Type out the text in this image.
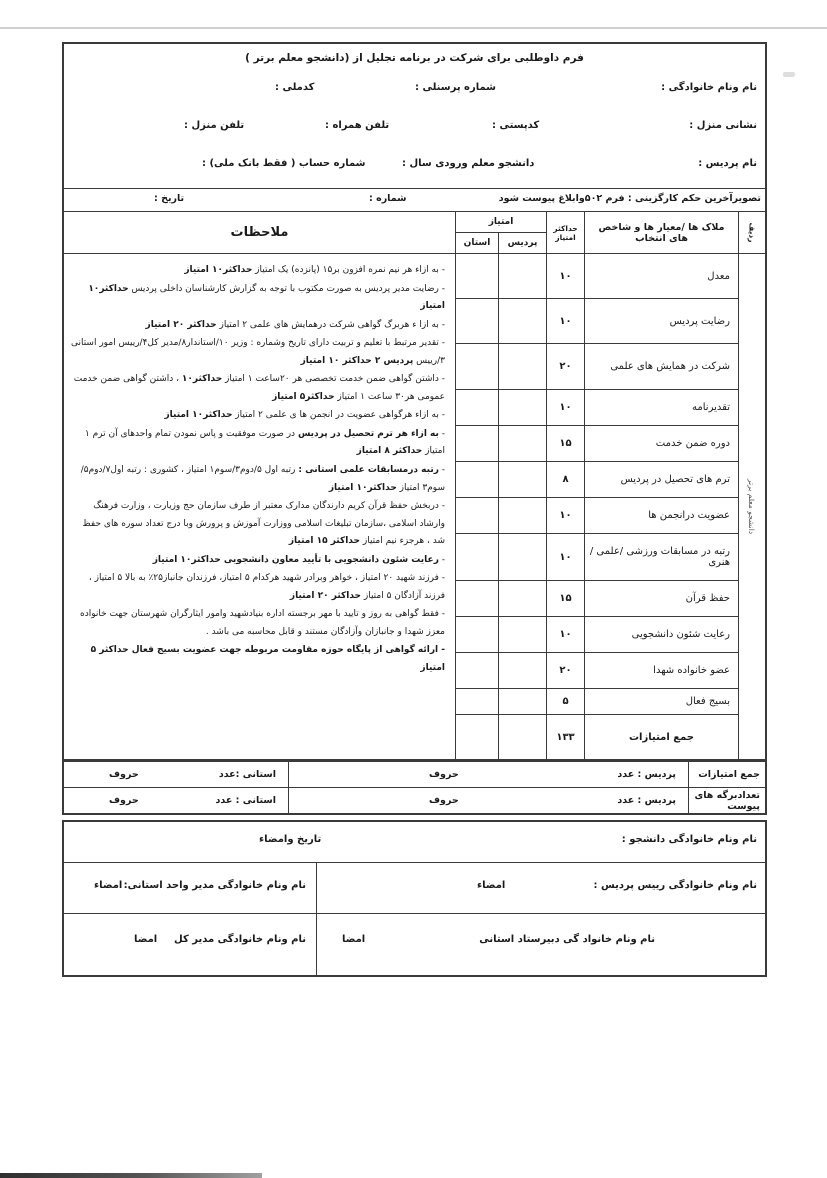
فرم داوطلبی برای شرکت در برنامه تجلیل از (دانشجو معلم برتر )
نام ونام خانوادگی :
شماره پرسنلی :
کدملی :
نشانی منزل :
کدپستی :
تلفن همراه :
تلفن منزل :
نام پردیس :
دانشجو معلم ورودی سال :
شماره حساب ( فقط بانک ملی) :
تصویرآخرین حکم کارگزینی : فرم ۵۰۲وابلاغ پیوست شود
شماره :
تاریخ :
ردیف
ملاک ها /معیار ها و شاخص های انتخاب
حداکثر امتیاز
امتیاز
پردیس
استان
ملاحظات
دانشجو معلم برتر
معدل
۱۰
رضایت پردیس
۱۰
شرکت در همایش های علمی
۲۰
تقدیرنامه
۱۰
دوره ضمن خدمت
۱۵
ترم های تحصیل در پردیس
۸
عضویت درانجمن ها
۱۰
رتبه در مسابقات ورزشی /علمی /هنری
۱۰
حفظ قرآن
۱۵
رعایت شئون دانشجویی
۱۰
عضو خانواده شهدا
۲۰
بسیج فعال
۵
جمع امتیازات
۱۳۳

- به ازاء هر نیم نمره افزون بر۱۵ (پانزده) یک امتیاز حداکثر۱۰ امتیاز

- رضایت مدیر پردیس به صورت مکتوب با توجه به گزارش کارشناسان داخلی پردیس حداکثر۱۰ امتیاز

- به ازا ء هربرگ گواهی شرکت درهمایش های علمی ۲ امتیاز حداکثر ۲۰ امتیاز

- تقدیر مرتبط با تعلیم و تربیت دارای تاریخ وشماره : وزیر ۱۰/استاندار۸/مدیر کل۴/رییس امور استانی ۳/رییس پردیس ۲ حداکثر ۱۰ امتیاز

- داشتن گواهی ضمن خدمت تخصصی هر ۲۰ساعت ۱ امتیاز حداکثر۱۰ ، داشتن گواهی ضمن خدمت عمومی هر۳۰ ساعت ۱ امتیاز حداکثر۵ امتیاز

- به ازاء هرگواهی عضویت در انجمن ها ی علمی ۲ امتیاز حداکثر۱۰ امتیاز

- به ازاء هر ترم تحصیل در پردیس در صورت موفقیت و پاس نمودن تمام واحدهای آن ترم ۱ امتیاز حداکثر ۸ امتیاز

- رتبه درمسابقات علمی استانی : رتبه اول ۵/دوم۳/سوم۱ امتیاز ، کشوری : رتبه اول۷/دوم۵/سوم۳ امتیاز حداکثر۱۰ امتیاز

- دربخش حفظ قرآن کریم دارندگان مدارک معتبر از طرف سازمان حج وزیارت ، وزارت فرهنگ وارشاد اسلامی ،سازمان تبلیغات اسلامی ووزارت آموزش و پرورش وبا درج تعداد سوره های حفظ شد ، هرجزء نیم امتیاز حداکثر ۱۵ امتیاز

- رعایت شئون دانشجویی با تأیید معاون دانشجویی حداکثر۱۰ امتیاز

- فرزند شهید ۲۰ امتیاز ، خواهر وبرادر شهید هرکدام ۵ امتیاز، فرزندان جانباز۲۵٪ به بالا ۵ امتیاز ، فرزند آزادگان ۵ امتیاز حداکثر ۲۰ امتیاز

- فقط گواهی به روز و تایید با مهر برجسته اداره بنیادشهید وامور ایثارگران شهرستان جهت خانواده معزز شهدا و جانبازان وآزادگان مستند و قابل محاسبه می باشد .

- ارائه گواهی از پایگاه حوزه مقاومت مربوطه جهت عضویت بسیج فعال حداکثر ۵ امتیاز

جمع امتیازات
پردیس : عدد
حروف
استانی :عدد
حروف
تعدادبرگه های پیوست
پردیس : عدد
حروف
استانی : عدد
حروف
نام ونام خانوادگی دانشجو :
تاریخ وامضاء
نام ونام خانوادگی رییس پردیس :
امضاء
نام ونام خانوادگی مدیر واحد استانی:
امضاء
نام ونام خانواد گی دبیرستاد استانی
امضا
نام ونام خانوادگی مدیر کل
امضا
